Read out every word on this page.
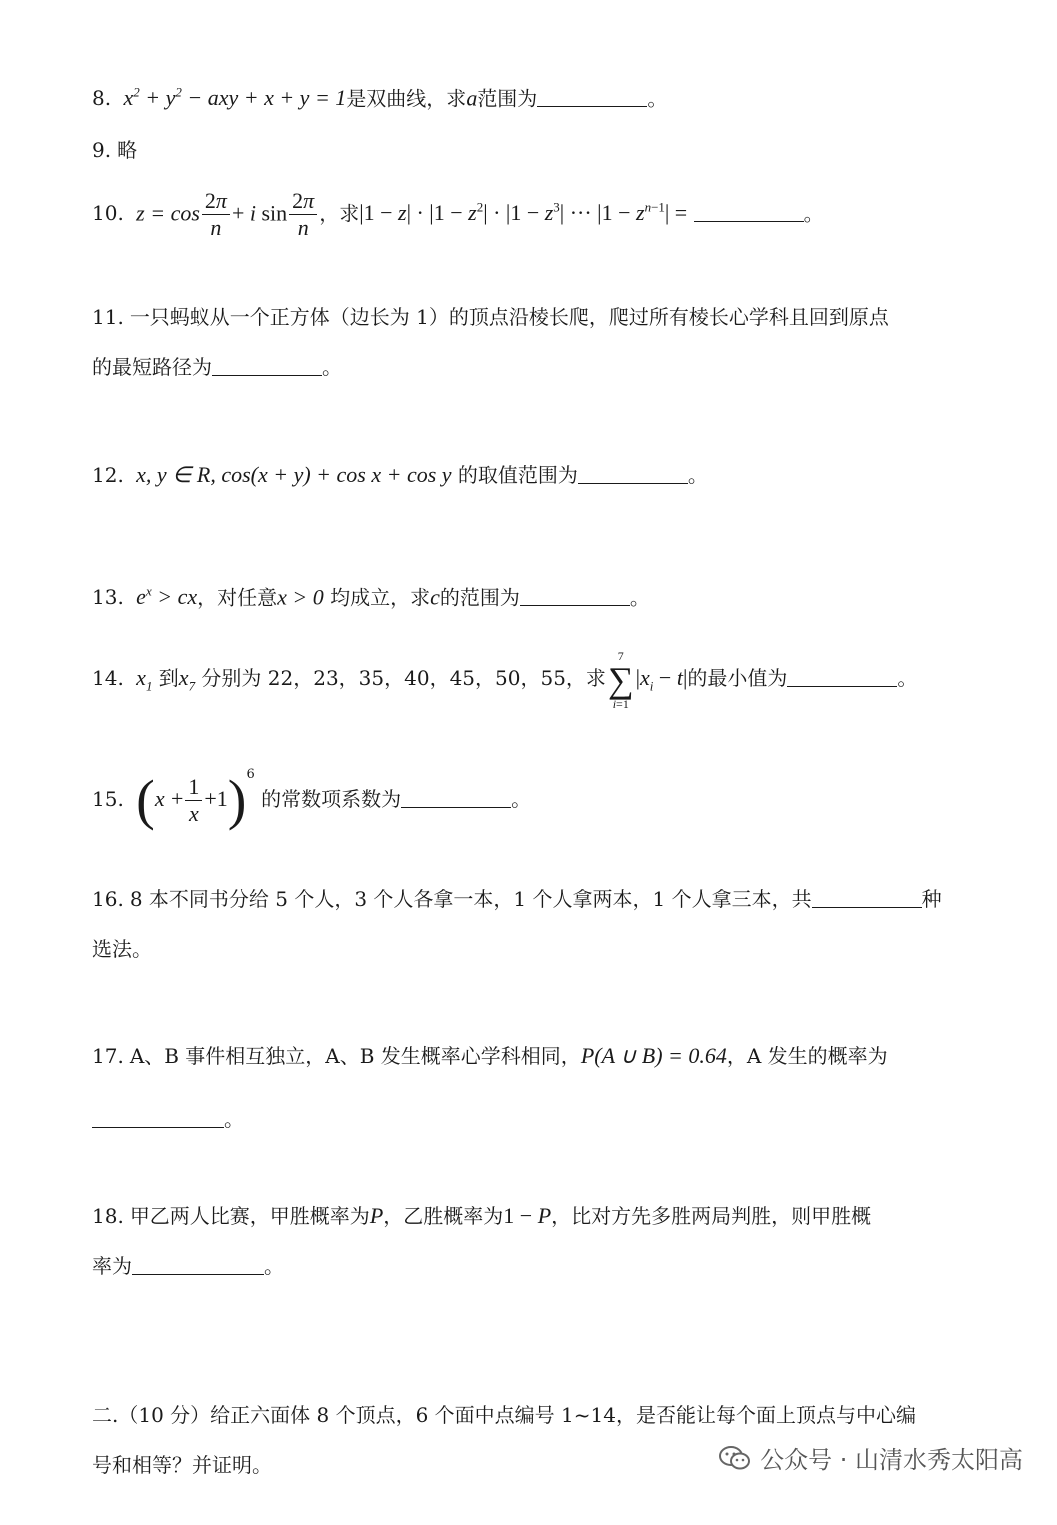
8. $x^2 + y^2$ − axy + x + y = 1是双曲线，求a范围为	。
9. 略
10. $z = \cos \frac{2\pi}{n} + i$ $\sin \frac{2\pi}{n}$ ，求$|1 - z| \cdot |1 - z^2| \cdot |1 - z^3|$ ··· $|1 - z^{n-1}|$ =	。
11. 一只蚂蚁从一个正方体（边长为 1）的顶点沿棱长爬，爬过所有棱长心学科且回到原点
的最短路径为	。
12. x, y ∈ R, cos(x + y) + cos x + cos y 的取值范围为	。
13. $e^x$ > cx，对任意x > 0 均成立，求c的范围为	。
14. $x_1$ 到$x_7$ 分别为 22，23，35，40，45，50，55，求
7
∑
i=1
$|x_i - t|$的最小值为	。
15. $(x + \frac{1}{x} +1)^6$ 的常数项系数为	。
16. 8 本不同书分给 5 个人，3 个人各拿一本，1 个人拿两本，1 个人拿三本，共	种
选法。
17. A、B 事件相互独立，A、B 发生概率心学科相同，P(A ∪ B) = 0.64，A 发生的概率为
。
18. 甲乙两人比赛，甲胜概率为P，乙胜概率为1 − P，比对方先多胜两局判胜，则甲胜概
率为	。
二.（10 分）给正六面体 8 个顶点，6 个面中点编号 1~14，是否能让每个面上顶点与中心编
号和相等？并证明。	公众号 · 山清水秀太阳高
